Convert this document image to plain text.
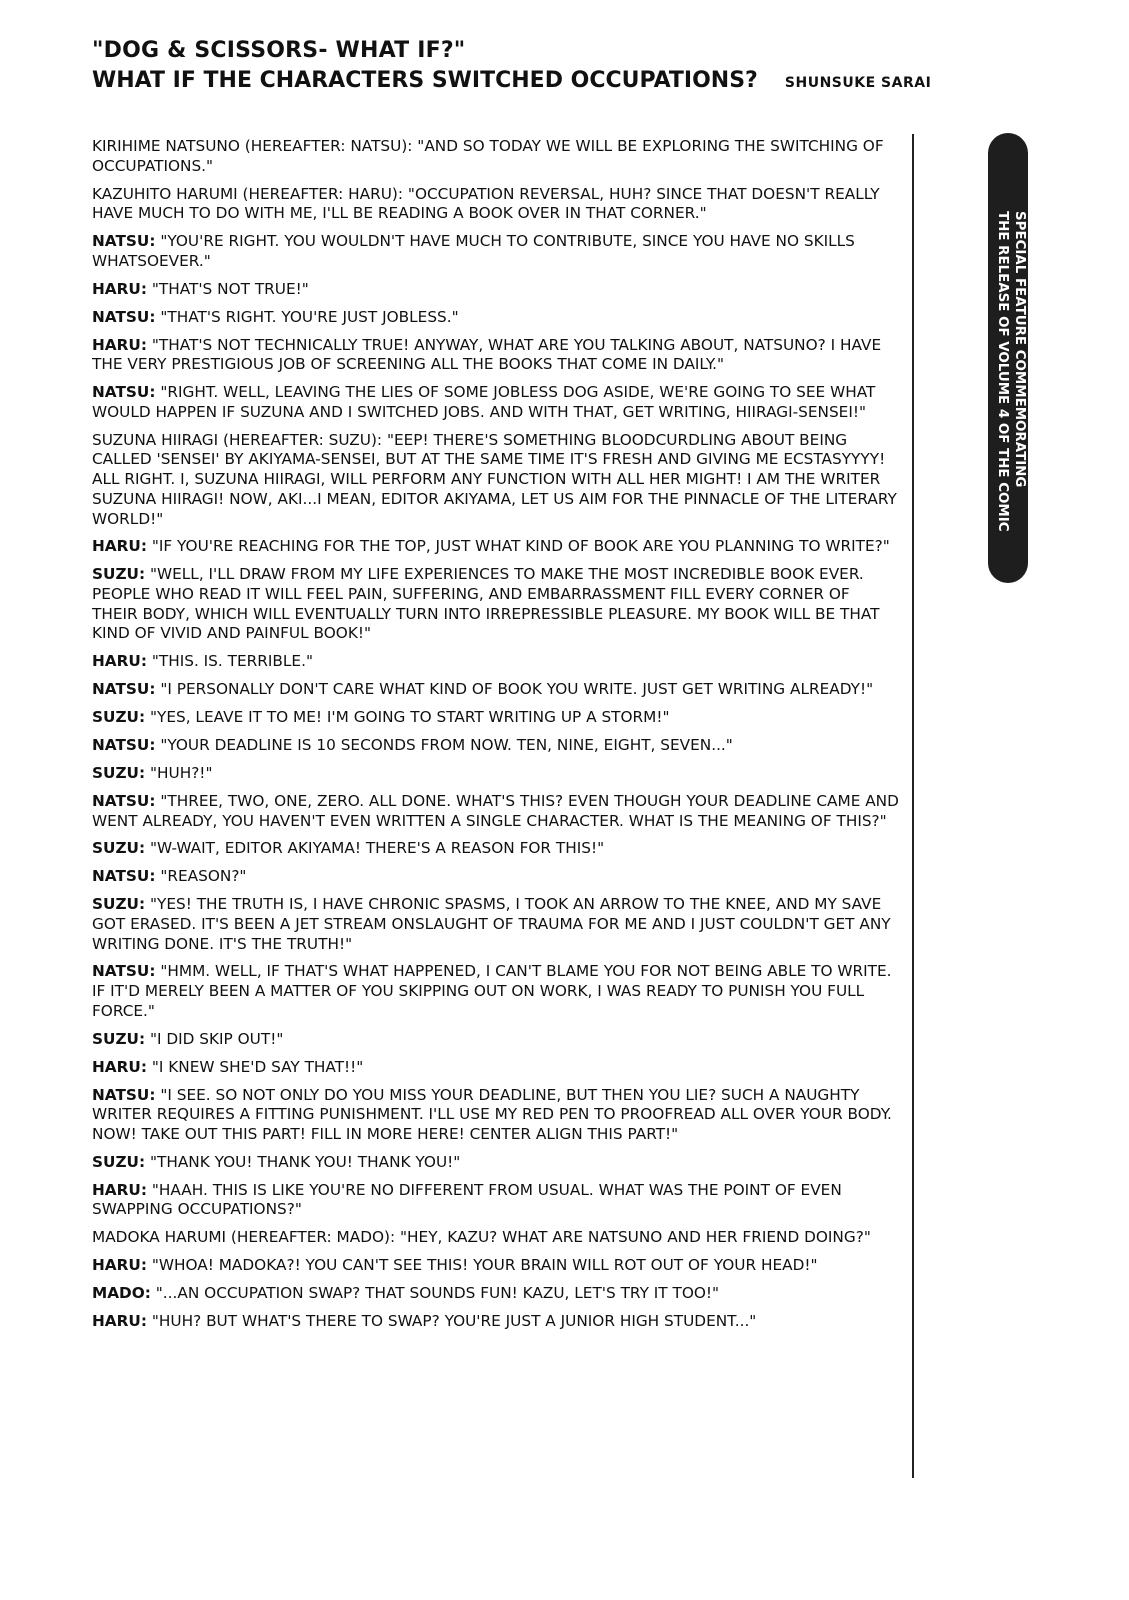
"DOG & SCISSORS- WHAT IF?"
WHAT IF THE CHARACTERS SWITCHED OCCUPATIONS? SHUNSUKE SARAI

KIRIHIME NATSUNO (HEREAFTER: NATSU): "AND SO TODAY WE WILL BE EXPLORING THE SWITCHING OF OCCUPATIONS."

KAZUHITO HARUMI (HEREAFTER: HARU): "OCCUPATION REVERSAL, HUH? SINCE THAT DOESN'T REALLY HAVE MUCH TO DO WITH ME, I'LL BE READING A BOOK OVER IN THAT CORNER."

NATSU: "YOU'RE RIGHT. YOU WOULDN'T HAVE MUCH TO CONTRIBUTE, SINCE YOU HAVE NO SKILLS WHATSOEVER."

HARU: "THAT'S NOT TRUE!"

NATSU: "THAT'S RIGHT. YOU'RE JUST JOBLESS."

HARU: "THAT'S NOT TECHNICALLY TRUE! ANYWAY, WHAT ARE YOU TALKING ABOUT, NATSUNO? I HAVE THE VERY PRESTIGIOUS JOB OF SCREENING ALL THE BOOKS THAT COME IN DAILY."

NATSU: "RIGHT. WELL, LEAVING THE LIES OF SOME JOBLESS DOG ASIDE, WE'RE GOING TO SEE WHAT WOULD HAPPEN IF SUZUNA AND I SWITCHED JOBS. AND WITH THAT, GET WRITING, HIIRAGI-SENSEI!"

SUZUNA HIIRAGI (HEREAFTER: SUZU): "EEP! THERE'S SOMETHING BLOODCURDLING ABOUT BEING CALLED 'SENSEI' BY AKIYAMA-SENSEI, BUT AT THE SAME TIME IT'S FRESH AND GIVING ME ECSTASYYYY! ALL RIGHT. I, SUZUNA HIIRAGI, WILL PERFORM ANY FUNCTION WITH ALL HER MIGHT! I AM THE WRITER SUZUNA HIIRAGI! NOW, AKI...I MEAN, EDITOR AKIYAMA, LET US AIM FOR THE PINNACLE OF THE LITERARY WORLD!"

HARU: "IF YOU'RE REACHING FOR THE TOP, JUST WHAT KIND OF BOOK ARE YOU PLANNING TO WRITE?"

SUZU: "WELL, I'LL DRAW FROM MY LIFE EXPERIENCES TO MAKE THE MOST INCREDIBLE BOOK EVER. PEOPLE WHO READ IT WILL FEEL PAIN, SUFFERING, AND EMBARRASSMENT FILL EVERY CORNER OF THEIR BODY, WHICH WILL EVENTUALLY TURN INTO IRREPRESSIBLE PLEASURE. MY BOOK WILL BE THAT KIND OF VIVID AND PAINFUL BOOK!"

HARU: "THIS. IS. TERRIBLE."

NATSU: "I PERSONALLY DON'T CARE WHAT KIND OF BOOK YOU WRITE. JUST GET WRITING ALREADY!"

SUZU: "YES, LEAVE IT TO ME! I'M GOING TO START WRITING UP A STORM!"

NATSU: "YOUR DEADLINE IS 10 SECONDS FROM NOW. TEN, NINE, EIGHT, SEVEN..."

SUZU: "HUH?!"

NATSU: "THREE, TWO, ONE, ZERO. ALL DONE. WHAT'S THIS? EVEN THOUGH YOUR DEADLINE CAME AND WENT ALREADY, YOU HAVEN'T EVEN WRITTEN A SINGLE CHARACTER. WHAT IS THE MEANING OF THIS?"

SUZU: "W-WAIT, EDITOR AKIYAMA! THERE'S A REASON FOR THIS!"

NATSU: "REASON?"

SUZU: "YES! THE TRUTH IS, I HAVE CHRONIC SPASMS, I TOOK AN ARROW TO THE KNEE, AND MY SAVE GOT ERASED. IT'S BEEN A JET STREAM ONSLAUGHT OF TRAUMA FOR ME AND I JUST COULDN'T GET ANY WRITING DONE. IT'S THE TRUTH!"

NATSU: "HMM. WELL, IF THAT'S WHAT HAPPENED, I CAN'T BLAME YOU FOR NOT BEING ABLE TO WRITE. IF IT'D MERELY BEEN A MATTER OF YOU SKIPPING OUT ON WORK, I WAS READY TO PUNISH YOU FULL FORCE."

SUZU: "I DID SKIP OUT!"

HARU: "I KNEW SHE'D SAY THAT!!"

NATSU: "I SEE. SO NOT ONLY DO YOU MISS YOUR DEADLINE, BUT THEN YOU LIE? SUCH A NAUGHTY WRITER REQUIRES A FITTING PUNISHMENT. I'LL USE MY RED PEN TO PROOFREAD ALL OVER YOUR BODY. NOW! TAKE OUT THIS PART! FILL IN MORE HERE! CENTER ALIGN THIS PART!"

SUZU: "THANK YOU! THANK YOU! THANK YOU!"

HARU: "HAAH. THIS IS LIKE YOU'RE NO DIFFERENT FROM USUAL. WHAT WAS THE POINT OF EVEN SWAPPING OCCUPATIONS?"

MADOKA HARUMI (HEREAFTER: MADO): "HEY, KAZU? WHAT ARE NATSUNO AND HER FRIEND DOING?"

HARU: "WHOA! MADOKA?! YOU CAN'T SEE THIS! YOUR BRAIN WILL ROT OUT OF YOUR HEAD!"

MADO: "...AN OCCUPATION SWAP? THAT SOUNDS FUN! KAZU, LET'S TRY IT TOO!"

HARU: "HUH? BUT WHAT'S THERE TO SWAP? YOU'RE JUST A JUNIOR HIGH STUDENT..."

SPECIAL FEATURE COMMEMORATING
THE RELEASE OF VOLUME 4 OF THE COMIC
